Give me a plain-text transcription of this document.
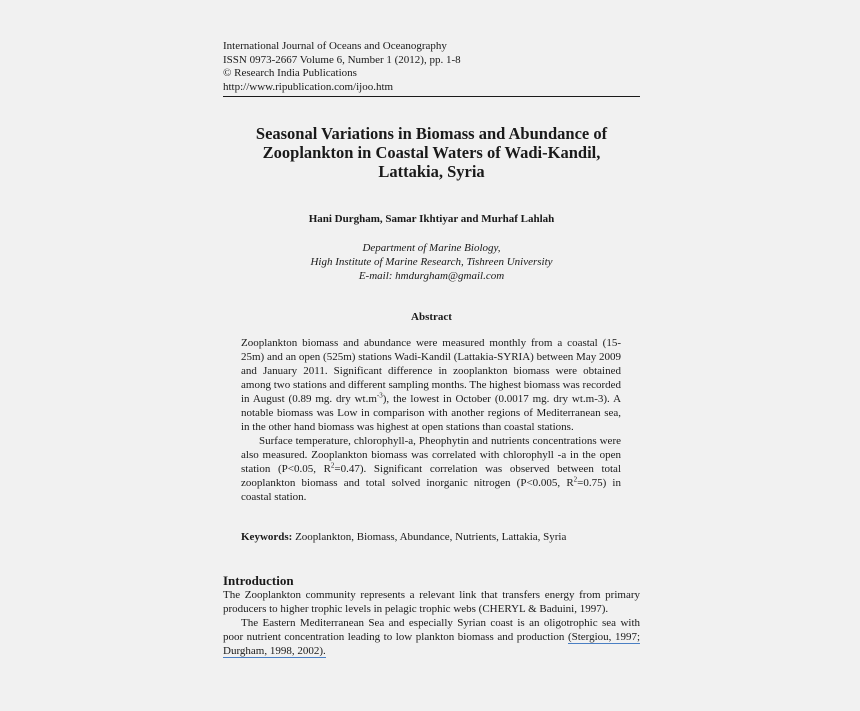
International Journal of Oceans and Oceanography
ISSN 0973-2667 Volume 6, Number 1 (2012), pp. 1-8
© Research India Publications
http://www.ripublication.com/ijoo.htm
Seasonal Variations in Biomass and Abundance of
Zooplankton in Coastal Waters of Wadi-Kandil,
Lattakia, Syria
Hani Durgham, Samar Ikhtiyar and Murhaf Lahlah
Department of Marine Biology,
High Institute of Marine Research, Tishreen University
E-mail: hmdurgham@gmail.com
Abstract

Zooplankton biomass and abundance were measured monthly from a coastal (15-25m) and an open (525m) stations Wadi-Kandil (Lattakia-SYRIA) between May 2009 and January 2011. Significant difference in zooplankton biomass were obtained among two stations and different sampling months. The highest biomass was recorded in August (0.89 mg. dry $wt.m^{-3}$), the lowest in October (0.0017 mg. dry wt.m-3). A notable biomass was Low in comparison with another regions of Mediterranean sea, in the other hand biomass was highest at open stations than coastal stations.

Surface temperature, chlorophyll-a, Pheophytin and nutrients concentrations were also measured. Zooplankton biomass was correlated with chlorophyll -a in the open station (P<0.05, $R^2=0.47$). Significant correlation was observed between total zooplankton biomass and total solved inorganic nitrogen (P<0.005, $R^2=0.75$) in coastal station.

Keywords: Zooplankton, Biomass, Abundance, Nutrients, Lattakia, Syria
Introduction

The Zooplankton community represents a relevant link that transfers energy from primary producers to higher trophic levels in pelagic trophic webs (CHERYL & Baduini, 1997).

The Eastern Mediterranean Sea and especially Syrian coast is an oligotrophic sea with poor nutrient concentration leading to low plankton biomass and production (Stergiou, 1997; Durgham, 1998, 2002).
